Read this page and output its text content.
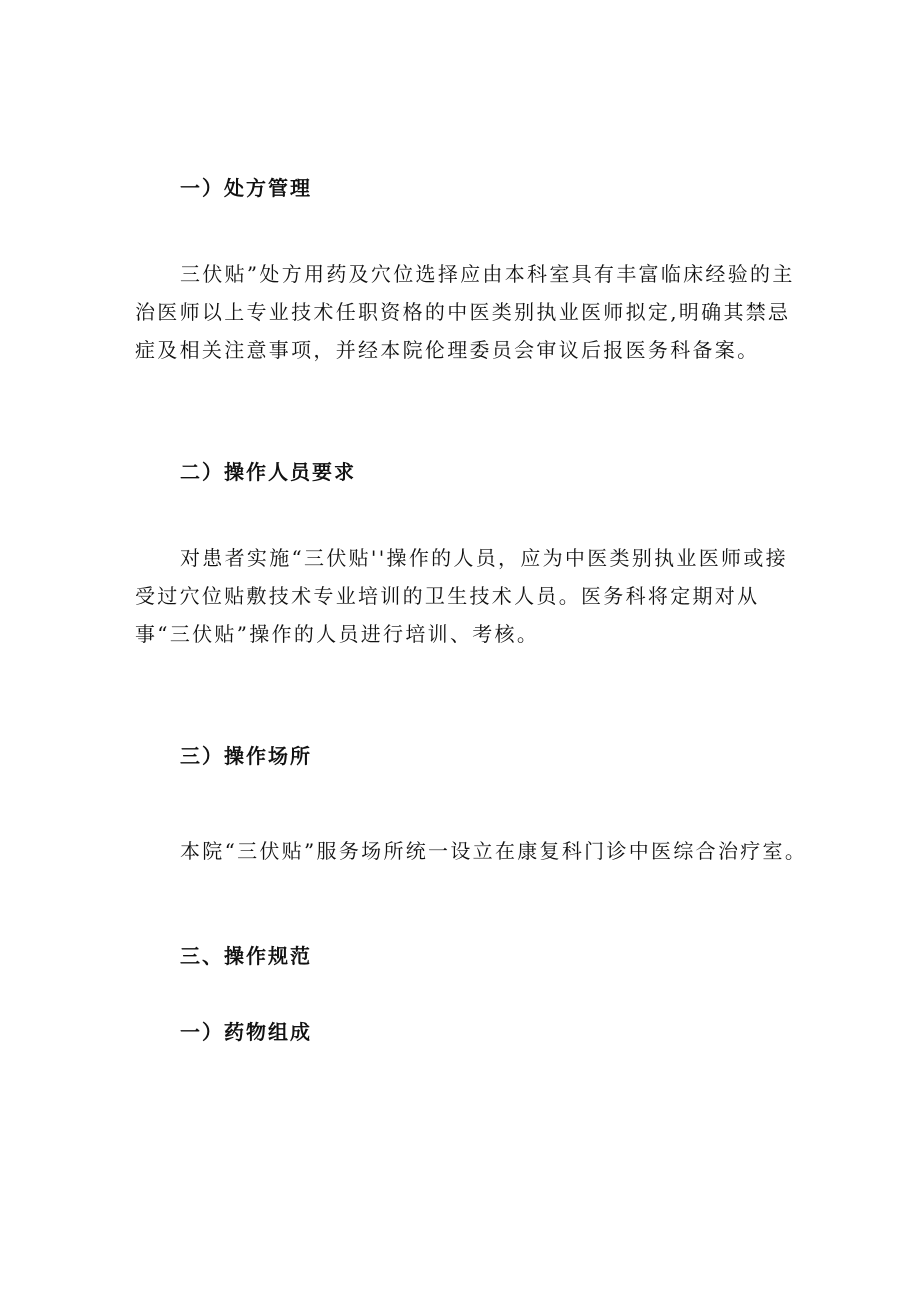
一）处方管理

三伏贴”处方用药及穴位选择应由本科室具有丰富临床经验的主治医师以上专业技术任职资格的中医类别执业医师拟定,明确其禁忌症及相关注意事项，并经本院伦理委员会审议后报医务科备案。

二）操作人员要求

对患者实施“三伏贴''操作的人员，应为中医类别执业医师或接受过穴位贴敷技术专业培训的卫生技术人员。医务科将定期对从事“三伏贴”操作的人员进行培训、考核。

三）操作场所

本院“三伏贴”服务场所统一设立在康复科门诊中医综合治疗室。

三、操作规范
一）药物组成
